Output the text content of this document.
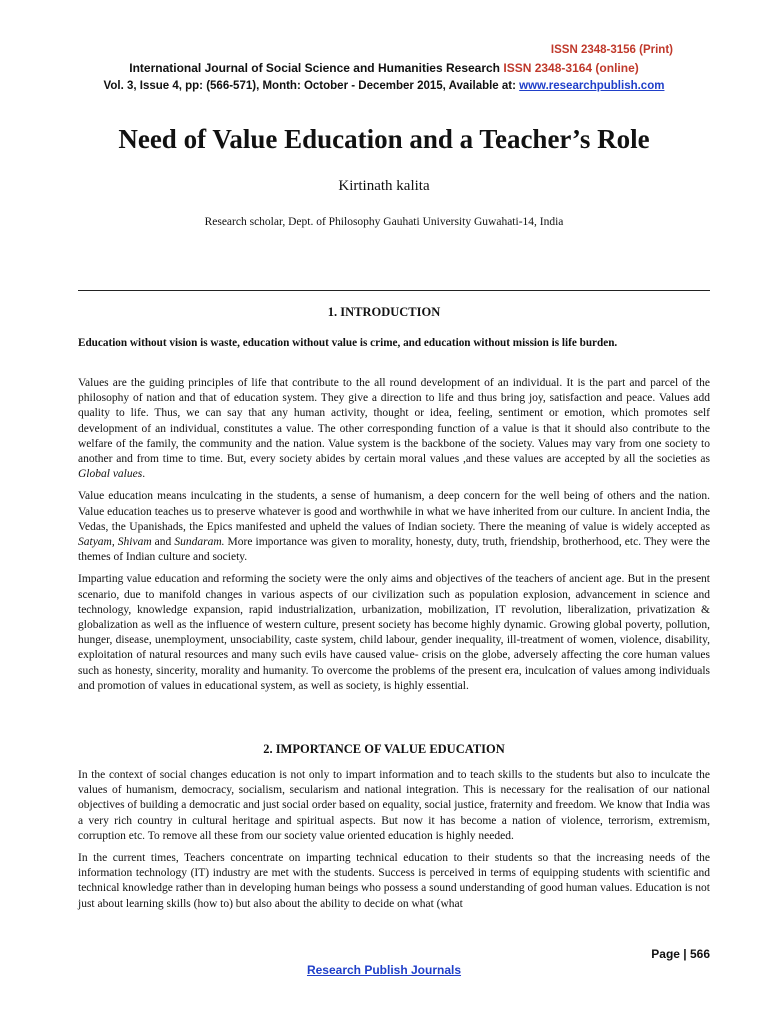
ISSN 2348-3156 (Print)
International Journal of Social Science and Humanities Research ISSN 2348-3164 (online)
Vol. 3, Issue 4, pp: (566-571), Month: October - December 2015, Available at: www.researchpublish.com
Need of Value Education and a Teacher’s Role
Kirtinath kalita
Research scholar, Dept. of Philosophy Gauhati University Guwahati-14, India
1. INTRODUCTION
Education without vision is waste, education without value is crime, and education without mission is life burden.

Values are the guiding principles of life that contribute to the all round development of an individual. It is the part and parcel of the philosophy of nation and that of education system. They give a direction to life and thus bring joy, satisfaction and peace. Values add quality to life. Thus, we can say that any human activity, thought or idea, feeling, sentiment or emotion, which promotes self development of an individual, constitutes a value. The other corresponding function of a value is that it should also contribute to the welfare of the family, the community and the nation. Value system is the backbone of the society. Values may vary from one society to another and from time to time. But, every society abides by certain moral values ,and these values are accepted by all the societies as Global values.

Value education means inculcating in the students, a sense of humanism, a deep concern for the well being of others and the nation. Value education teaches us to preserve whatever is good and worthwhile in what we have inherited from our culture. In ancient India, the Vedas, the Upanishads, the Epics manifested and upheld the values of Indian society. There the meaning of value is widely accepted as Satyam, Shivam and Sundaram. More importance was given to morality, honesty, duty, truth, friendship, brotherhood, etc. They were the themes of Indian culture and society.

Imparting value education and reforming the society were the only aims and objectives of the teachers of ancient age. But in the present scenario, due to manifold changes in various aspects of our civilization such as population explosion, advancement in science and technology, knowledge expansion, rapid industrialization, urbanization, mobilization, IT revolution, liberalization, privatization & globalization as well as the influence of western culture, present society has become highly dynamic. Growing global poverty, pollution, hunger, disease, unemployment, unsociability, caste system, child labour, gender inequality, ill-treatment of women, violence, disability, exploitation of natural resources and many such evils have caused value- crisis on the globe, adversely affecting the core human values such as honesty, sincerity, morality and humanity. To overcome the problems of the present era, inculcation of values among individuals and promotion of values in educational system, as well as society, is highly essential.

2. IMPORTANCE OF VALUE EDUCATION

In the context of social changes education is not only to impart information and to teach skills to the students but also to inculcate the values of humanism, democracy, socialism, secularism and national integration. This is necessary for the realisation of our national objectives of building a democratic and just social order based on equality, social justice, fraternity and freedom. We know that India was a very rich country in cultural heritage and spiritual aspects. But now it has become a nation of violence, terrorism, extremism, corruption etc. To remove all these from our society value oriented education is highly needed.

In the current times, Teachers concentrate on imparting technical education to their students so that the increasing needs of the information technology (IT) industry are met with the students. Success is perceived in terms of equipping students with scientific and technical knowledge rather than in developing human beings who possess a sound understanding of good human values. Education is not just about learning skills (how to) but also about the ability to decide on what (what

Page | 566
Research Publish Journals
